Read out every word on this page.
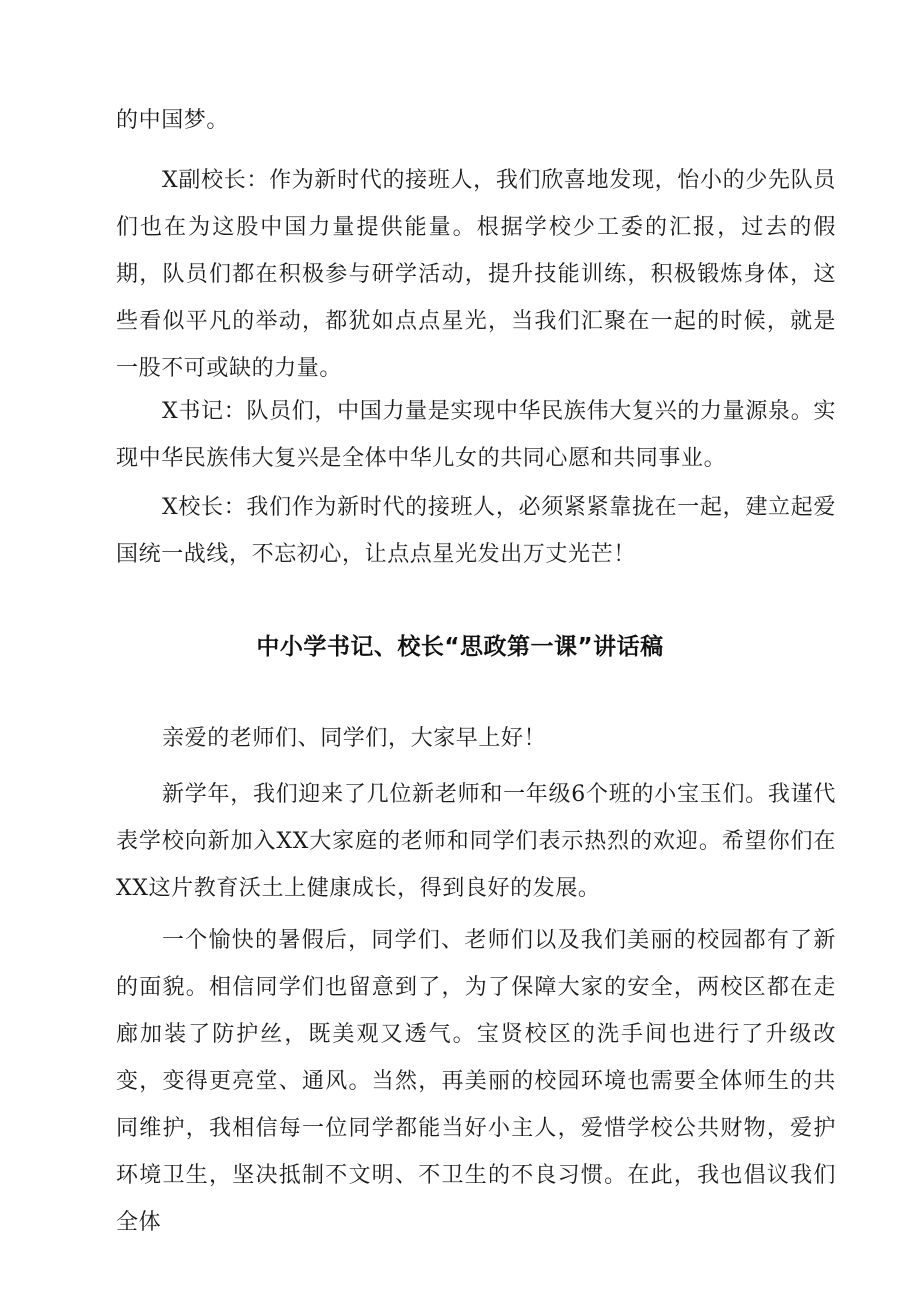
的中国梦。

X副校长：作为新时代的接班人，我们欣喜地发现，怡小的少先队员们也在为这股中国力量提供能量。根据学校少工委的汇报，过去的假期，队员们都在积极参与研学活动，提升技能训练，积极锻炼身体，这些看似平凡的举动，都犹如点点星光，当我们汇聚在一起的时候，就是一股不可或缺的力量。

X书记：队员们，中国力量是实现中华民族伟大复兴的力量源泉。实现中华民族伟大复兴是全体中华儿女的共同心愿和共同事业。

X校长：我们作为新时代的接班人，必须紧紧靠拢在一起，建立起爱国统一战线，不忘初心，让点点星光发出万丈光芒！

中小学书记、校长“思政第一课”讲话稿

亲爱的老师们、同学们，大家早上好！

新学年，我们迎来了几位新老师和一年级6个班的小宝玉们。我谨代表学校向新加入XX大家庭的老师和同学们表示热烈的欢迎。希望你们在XX这片教育沃土上健康成长，得到良好的发展。

一个愉快的暑假后，同学们、老师们以及我们美丽的校园都有了新的面貌。相信同学们也留意到了，为了保障大家的安全，两校区都在走廊加装了防护丝，既美观又透气。宝贤校区的洗手间也进行了升级改变，变得更亮堂、通风。当然，再美丽的校园环境也需要全体师生的共同维护，我相信每一位同学都能当好小主人，爱惜学校公共财物，爱护环境卫生，坚决抵制不文明、不卫生的不良习惯。在此，我也倡议我们全体
